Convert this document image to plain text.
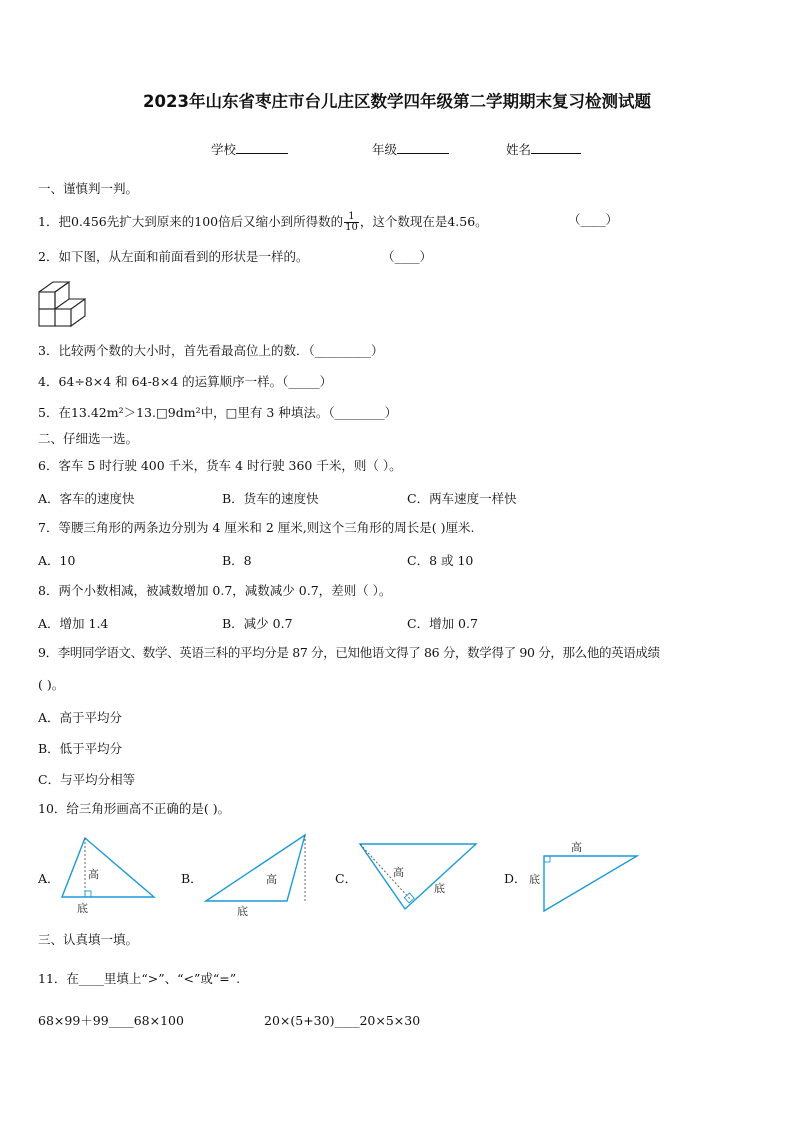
2023年山东省枣庄市台儿庄区数学四年级第二学期期末复习检测试题
学校	年级	姓名
一、谨慎判一判。
1．把0.456先扩大到原来的100倍后又缩小到所得数的 $\frac{1}{10}$ ，这个数现在是4.56。	（____）
2．如下图，从左面和前面看到的形状是一样的。	（____）
3．比较两个数的大小时，首先看最高位上的数．（_________）
4．64÷8×4 和 64-8×4 的运算顺序一样。（_____）
5．在13.42m²＞13.□9dm²中，□里有 3 种填法。（________）
二、仔细选一选。
6．客车 5 时行驶 400 千米，货车 4 时行驶 360 千米，则（ ）。
A．客车的速度快	B．货车的速度快	C．两车速度一样快
7．等腰三角形的两条边分别为 4 厘米和 2 厘米,则这个三角形的周长是( )厘米.
A．10	B．8	C．8 或 10
8．两个小数相减，被减数增加 0.7，减数减少 0.7，差则（ ）。
A．增加 1.4	B．减少 0.7	C．增加 0.7
9．李明同学语文、数学、英语三科的平均分是 87 分，已知他语文得了 86 分，数学得了 90 分，那么他的英语成绩
( )。
A．高于平均分
B．低于平均分
C．与平均分相等
10．给三角形画高不正确的是( )。
A．	高
底
B．	高
底
C．	高
底
D．
高
底
三、认真填一填。
11．在____里填上“>”、“<”或“=”.
68×99＋99____68×100	20×(5+30)____20×5×30
